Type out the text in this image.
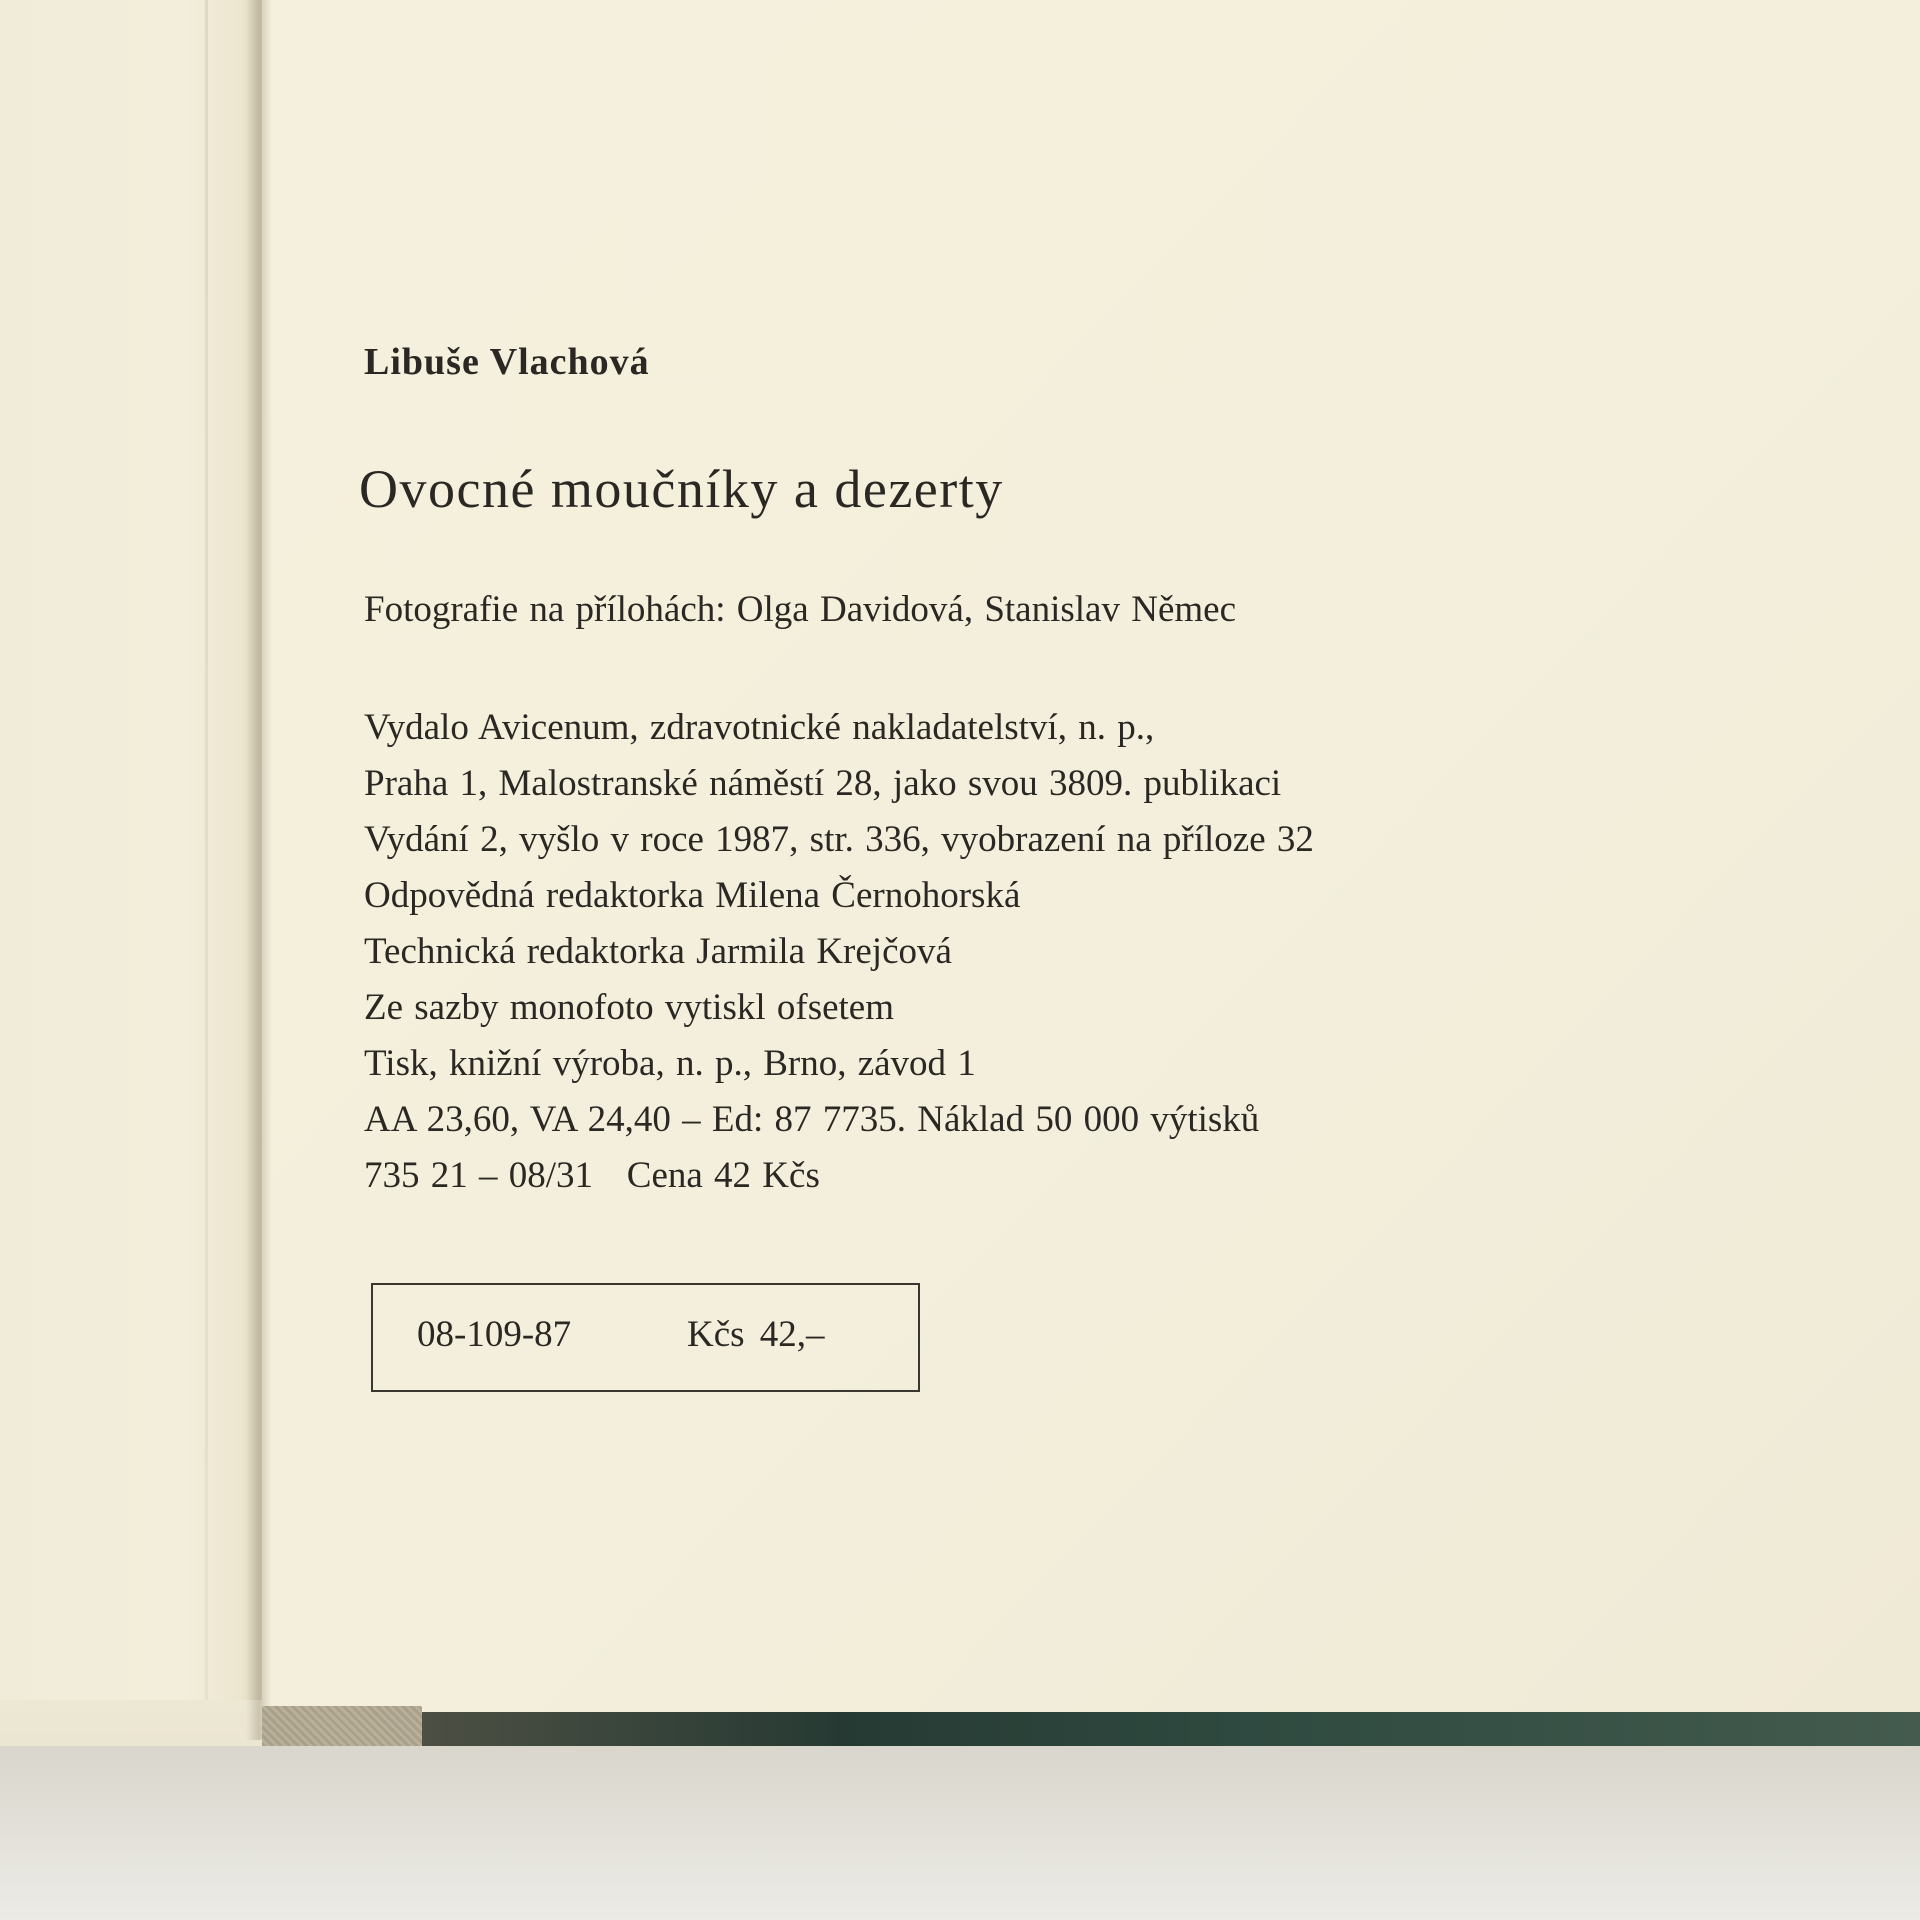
Libuše Vlachová

Ovocné moučníky a dezerty
Fotografie na přílohách: Olga Davidová, Stanislav Němec
Vydalo Avicenum, zdravotnické nakladatelství, n. p.,
Praha 1, Malostranské náměstí 28, jako svou 3809. publikaci
Vydání 2, vyšlo v roce 1987, str. 336, vyobrazení na příloze 32
Odpovědná redaktorka Milena Černohorská
Technická redaktorka Jarmila Krejčová
Ze sazby monofoto vytiskl ofsetem
Tisk, knižní výroba, n. p., Brno, závod 1
AA 23,60, VA 24,40 – Ed: 87 7735. Náklad 50 000 výtisků
735 21 – 08/31   Cena 42 Kčs
08-109-87	Kčs 42,–
